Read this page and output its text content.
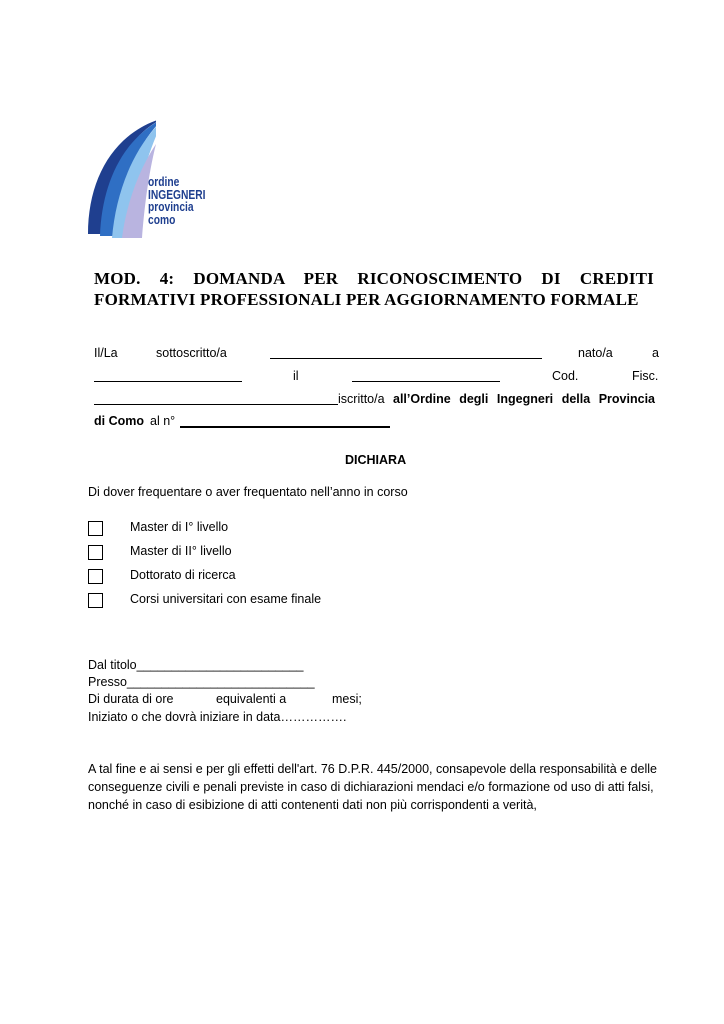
ordine
INGEGNERI
provincia
como
MOD. 4: DOMANDA PER RICONOSCIMENTO DI CREDITI
FORMATIVI PROFESSIONALI PER AGGIORNAMENTO FORMALE
Il/La	sottoscritto/a	nato/a	a
il	Cod.	Fisc.
iscritto/a all’Ordine degli Ingegneri della Provincia
di Como al n°
DICHIARA
Di dover frequentare o aver frequentato nell’anno in corso
Master di I° livello
Master di II° livello
Dottorato di ricerca
Corsi universitari con esame finale
Dal titolo________________________
Presso___________________________
Di durata di ore	equivalenti a	mesi;
Iniziato o che dovrà iniziare in data…………….
A tal fine e ai sensi e per gli effetti dell'art. 76 D.P.R. 445/2000, consapevole della responsabilità e delle conseguenze civili e penali previste in caso di dichiarazioni mendaci e/o formazione od uso di atti falsi, nonché in caso di esibizione di atti contenenti dati non più corrispondenti a verità,
